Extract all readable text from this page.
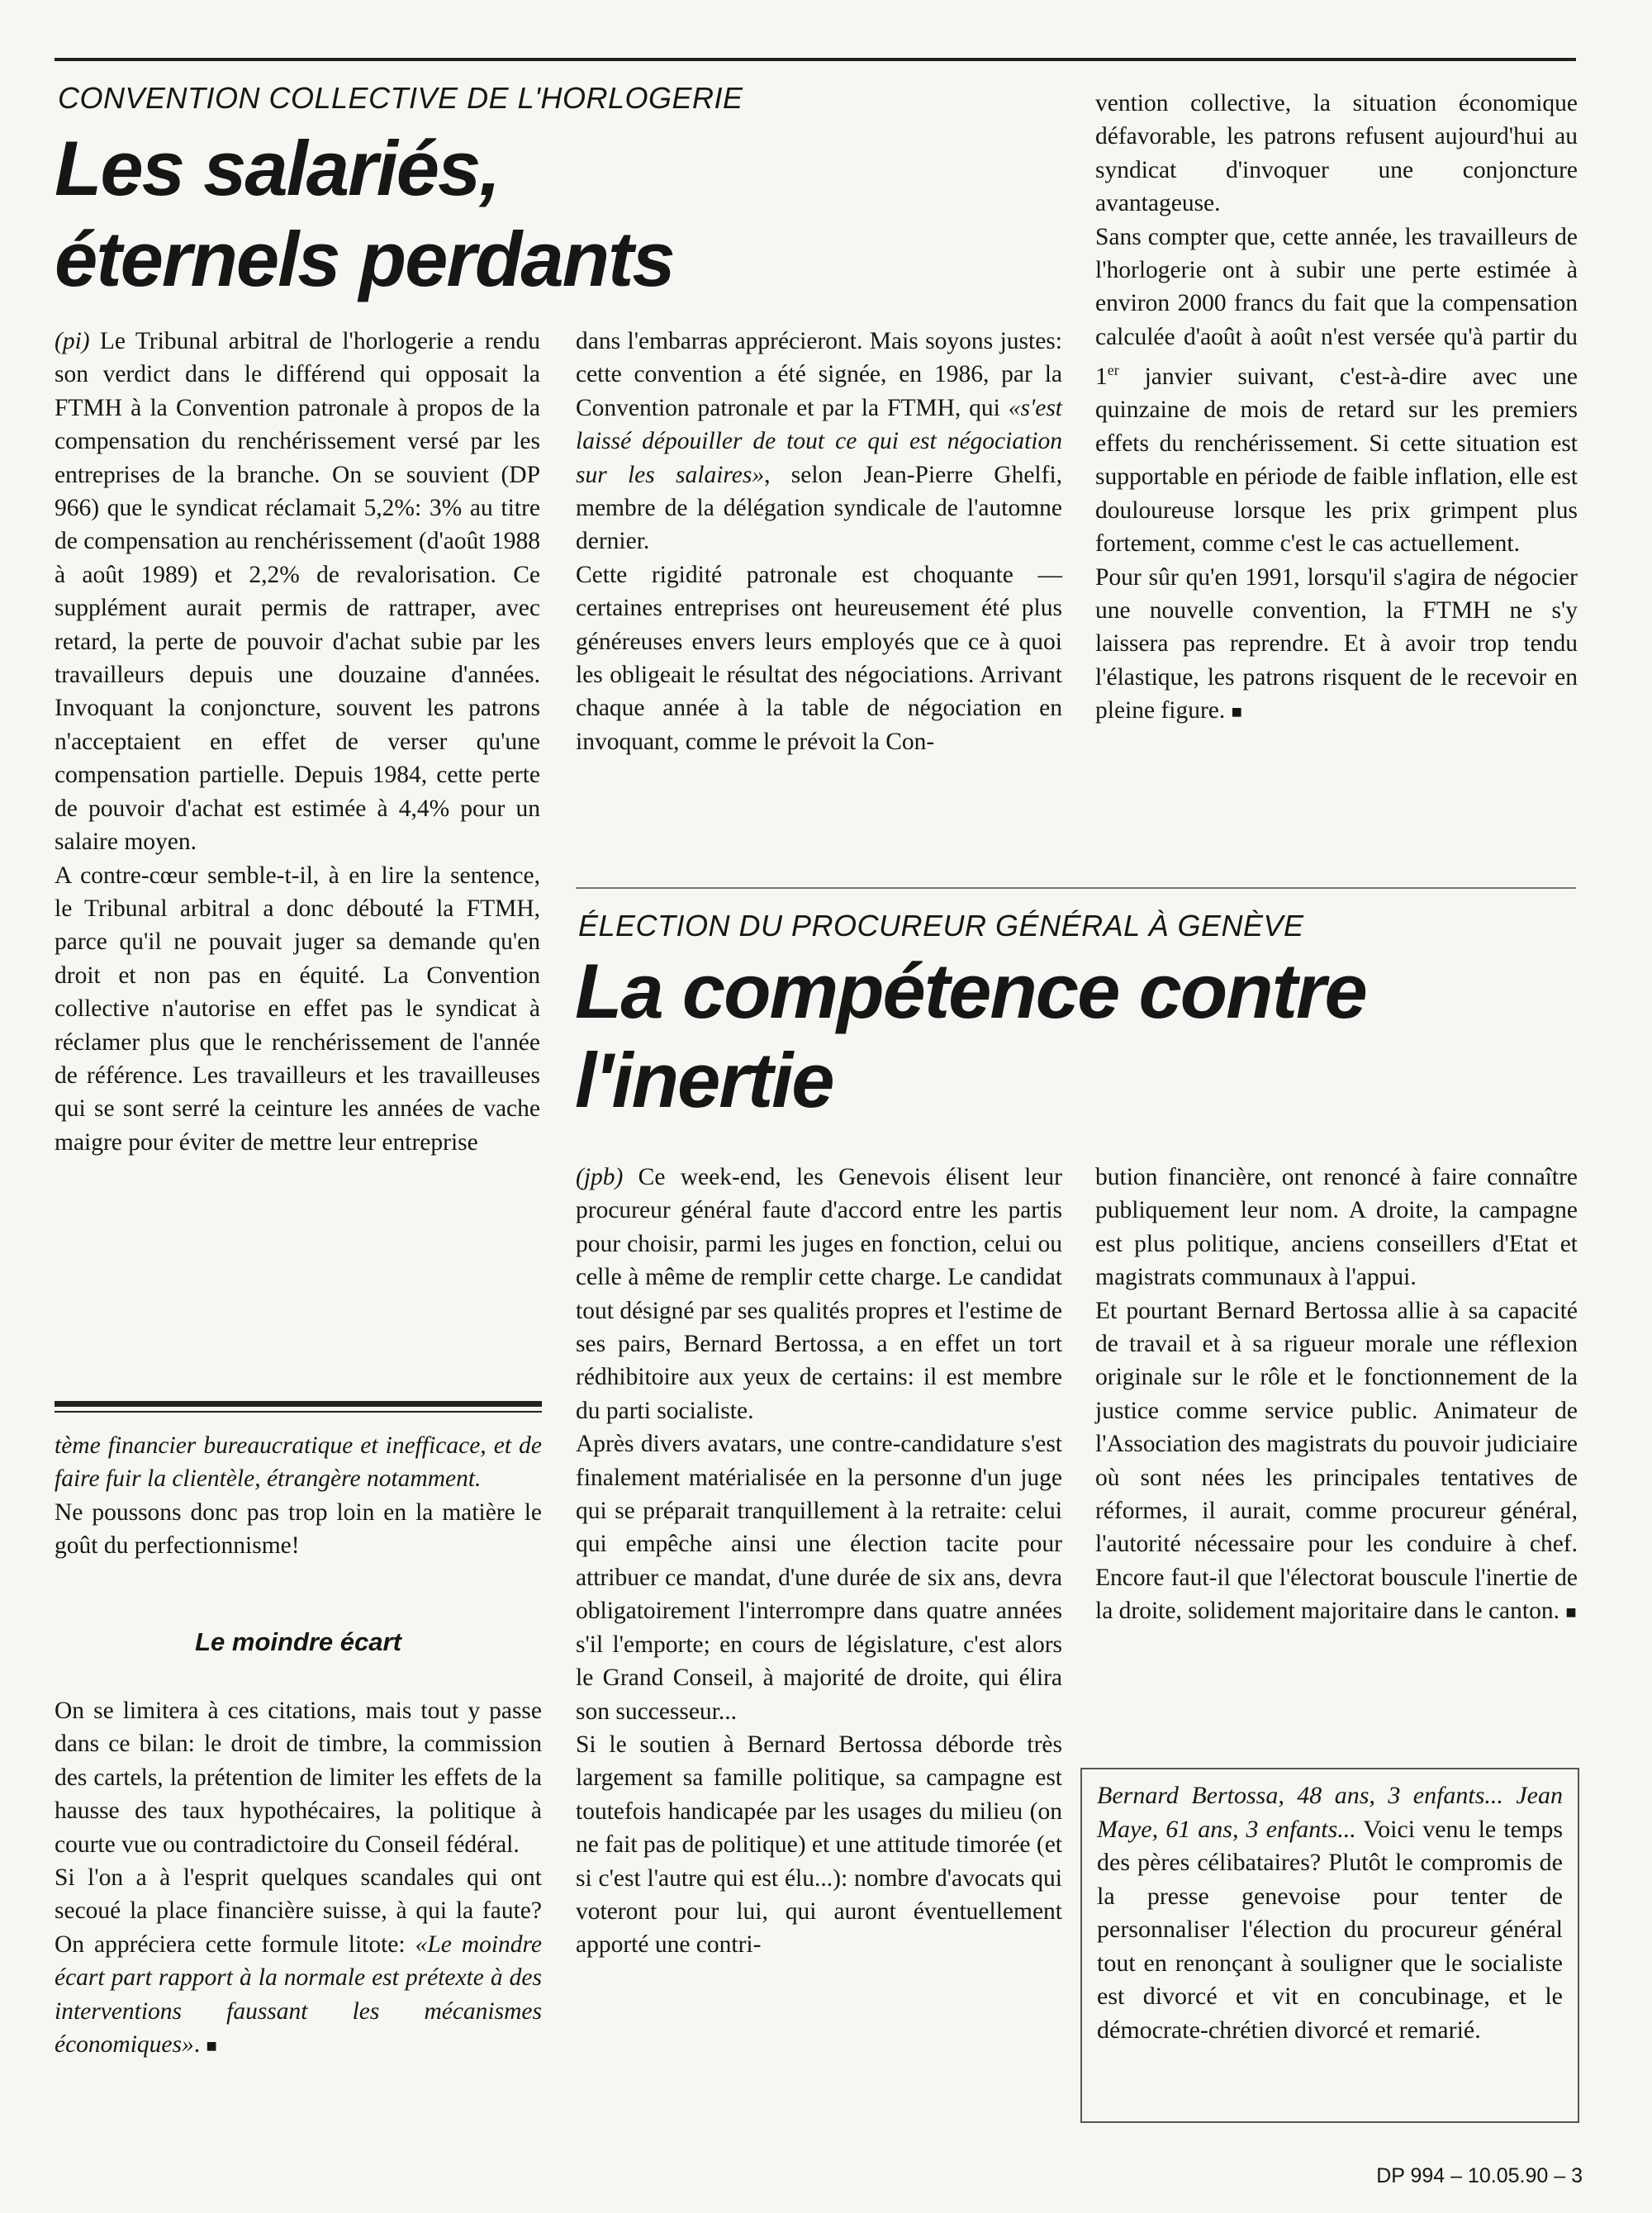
CONVENTION COLLECTIVE DE L'HORLOGERIE
Les salariés,
éternels perdants

(pi) Le Tribunal arbitral de l'horlogerie a rendu son verdict dans le différend qui opposait la FTMH à la Convention patronale à propos de la compensation du renchérissement versé par les entreprises de la branche. On se souvient (DP 966) que le syndicat réclamait 5,2%: 3% au titre de compensation au renchérissement (d'août 1988 à août 1989) et 2,2% de revalorisation. Ce supplément aurait permis de rattraper, avec retard, la perte de pouvoir d'achat subie par les travailleurs depuis une douzaine d'années. Invoquant la conjoncture, souvent les patrons n'acceptaient en effet de verser qu'une compensation partielle. Depuis 1984, cette perte de pouvoir d'achat est estimée à 4,4% pour un salaire moyen.

A contre-cœur semble-t-il, à en lire la sentence, le Tribunal arbitral a donc débouté la FTMH, parce qu'il ne pouvait juger sa demande qu'en droit et non pas en équité. La Convention collective n'autorise en effet pas le syndicat à réclamer plus que le renchérissement de l'année de référence. Les travailleurs et les travailleuses qui se sont serré la ceinture les années de vache maigre pour éviter de mettre leur entreprise

dans l'embarras apprécieront. Mais soyons justes: cette convention a été signée, en 1986, par la Convention patronale et par la FTMH, qui «s'est laissé dépouiller de tout ce qui est négociation sur les salaires», selon Jean-Pierre Ghelfi, membre de la délégation syndicale de l'automne dernier.

Cette rigidité patronale est choquante — certaines entreprises ont heureusement été plus généreuses envers leurs employés que ce à quoi les obligeait le résultat des négociations. Arrivant chaque année à la table de négociation en invoquant, comme le prévoit la Con-

vention collective, la situation économique défavorable, les patrons refusent aujourd'hui au syndicat d'invoquer une conjoncture avantageuse.

Sans compter que, cette année, les travailleurs de l'horlogerie ont à subir une perte estimée à environ 2000 francs du fait que la compensation calculée d'août à août n'est versée qu'à partir du 1er janvier suivant, c'est-à-dire avec une quinzaine de mois de retard sur les premiers effets du renchérissement. Si cette situation est supportable en période de faible inflation, elle est douloureuse lorsque les prix grimpent plus fortement, comme c'est le cas actuellement.

Pour sûr qu'en 1991, lorsqu'il s'agira de négocier une nouvelle convention, la FTMH ne s'y laissera pas reprendre. Et à avoir trop tendu l'élastique, les patrons risquent de le recevoir en pleine figure. ■

tème financier bureaucratique et inefficace, et de faire fuir la clientèle, étrangère notamment.

Ne poussons donc pas trop loin en la matière le goût du perfectionnisme!

Le moindre écart

On se limitera à ces citations, mais tout y passe dans ce bilan: le droit de timbre, la commission des cartels, la prétention de limiter les effets de la hausse des taux hypothécaires, la politique à courte vue ou contradictoire du Conseil fédéral.

Si l'on a à l'esprit quelques scandales qui ont secoué la place financière suisse, à qui la faute? On appréciera cette formule litote: «Le moindre écart part rapport à la normale est prétexte à des interventions faussant les mécanismes économiques». ■

ÉLECTION DU PROCUREUR GÉNÉRAL À GENÈVE
La compétence contre
l'inertie

(jpb) Ce week-end, les Genevois élisent leur procureur général faute d'accord entre les partis pour choisir, parmi les juges en fonction, celui ou celle à même de remplir cette charge. Le candidat tout désigné par ses qualités propres et l'estime de ses pairs, Bernard Bertossa, a en effet un tort rédhibitoire aux yeux de certains: il est membre du parti socialiste.

Après divers avatars, une contre-candidature s'est finalement matérialisée en la personne d'un juge qui se préparait tranquillement à la retraite: celui qui empêche ainsi une élection tacite pour attribuer ce mandat, d'une durée de six ans, devra obligatoirement l'interrompre dans quatre années s'il l'emporte; en cours de législature, c'est alors le Grand Conseil, à majorité de droite, qui élira son successeur...

Si le soutien à Bernard Bertossa déborde très largement sa famille politique, sa campagne est toutefois handicapée par les usages du milieu (on ne fait pas de politique) et une attitude timorée (et si c'est l'autre qui est élu...): nombre d'avocats qui voteront pour lui, qui auront éventuellement apporté une contri-

bution financière, ont renoncé à faire connaître publiquement leur nom. A droite, la campagne est plus politique, anciens conseillers d'Etat et magistrats communaux à l'appui.

Et pourtant Bernard Bertossa allie à sa capacité de travail et à sa rigueur morale une réflexion originale sur le rôle et le fonctionnement de la justice comme service public. Animateur de l'Association des magistrats du pouvoir judiciaire où sont nées les principales tentatives de réformes, il aurait, comme procureur général, l'autorité nécessaire pour les conduire à chef. Encore faut-il que l'électorat bouscule l'inertie de la droite, solidement majoritaire dans le canton. ■

Bernard Bertossa, 48 ans, 3 enfants... Jean Maye, 61 ans, 3 enfants... Voici venu le temps des pères célibataires? Plutôt le compromis de la presse genevoise pour tenter de personnaliser l'élection du procureur général tout en renonçant à souligner que le socialiste est divorcé et vit en concubinage, et le démocrate-chrétien divorcé et remarié.
DP 994 – 10.05.90 – 3
